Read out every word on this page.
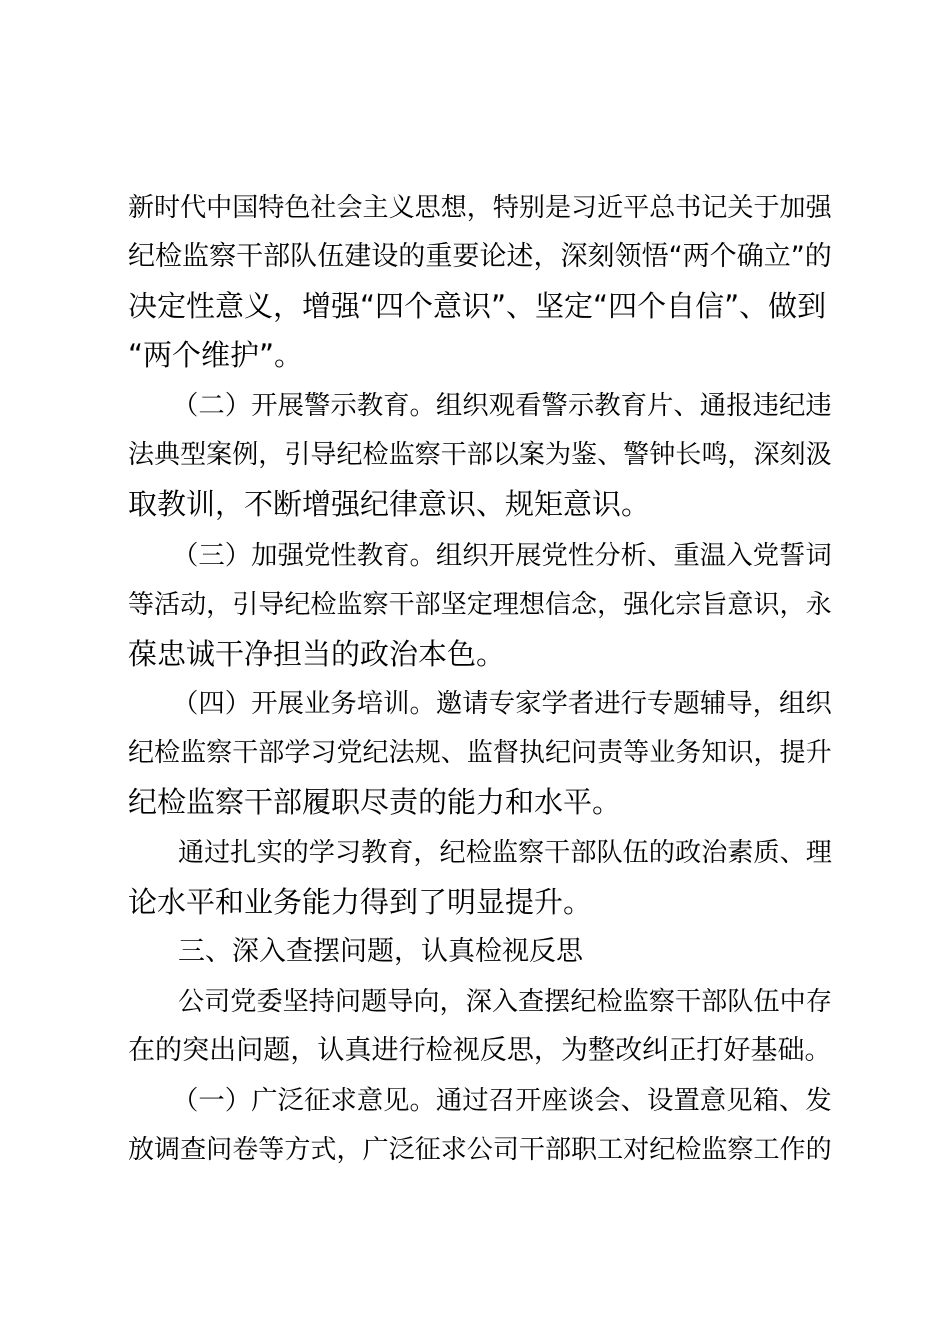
新时代中国特色社会主义思想，特别是习近平总书记关于加强
纪检监察干部队伍建设的重要论述，深刻领悟“两个确立”的
决定性意义，增强“四个意识”、坚定“四个自信”、做到
“两个维护”。
（二）开展警示教育。组织观看警示教育片、通报违纪违
法典型案例，引导纪检监察干部以案为鉴、警钟长鸣，深刻汲
取教训，不断增强纪律意识、规矩意识。
（三）加强党性教育。组织开展党性分析、重温入党誓词
等活动，引导纪检监察干部坚定理想信念，强化宗旨意识，永
葆忠诚干净担当的政治本色。
（四）开展业务培训。邀请专家学者进行专题辅导，组织
纪检监察干部学习党纪法规、监督执纪问责等业务知识，提升
纪检监察干部履职尽责的能力和水平。
通过扎实的学习教育，纪检监察干部队伍的政治素质、理
论水平和业务能力得到了明显提升。
三、深入查摆问题，认真检视反思
公司党委坚持问题导向，深入查摆纪检监察干部队伍中存
在的突出问题，认真进行检视反思，为整改纠正打好基础。
（一）广泛征求意见。通过召开座谈会、设置意见箱、发
放调查问卷等方式，广泛征求公司干部职工对纪检监察工作的
